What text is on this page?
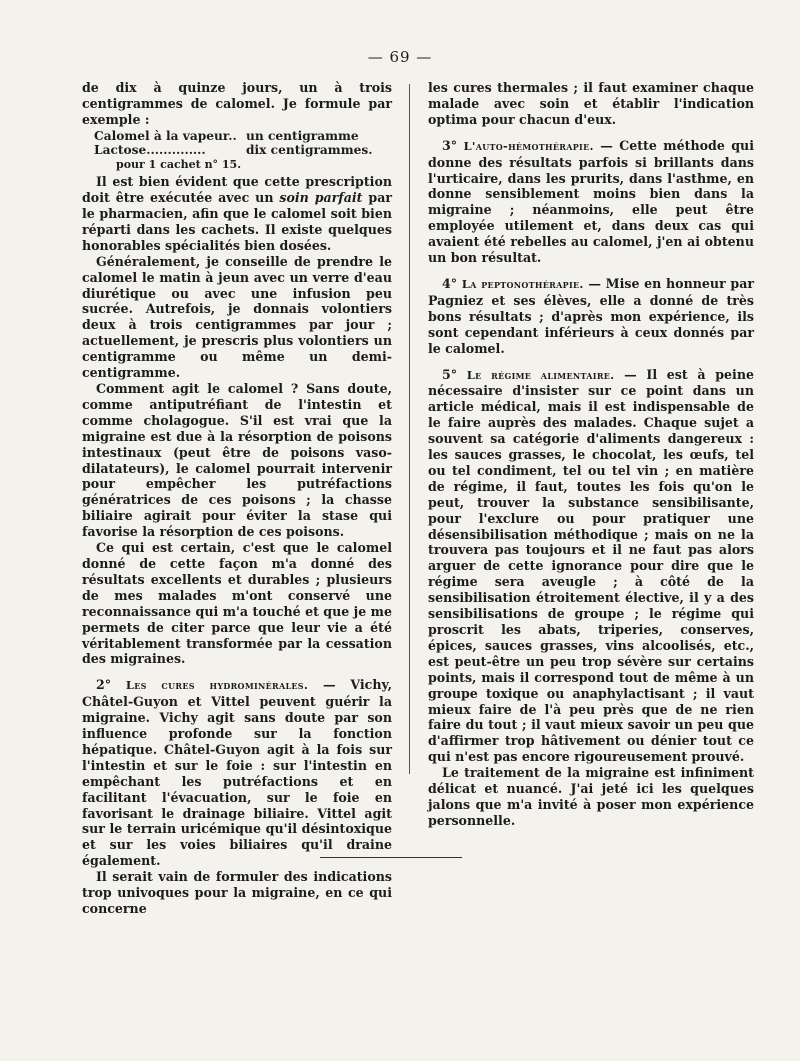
— 69 —

de dix à quinze jours, un à trois centigrammes de calomel. Je formule par exemple :

Calomel à la vapeur.. un centigramme
Lactose..............	dix centigrammes.
pour 1 cachet n° 15.

Il est bien évident que cette prescription doit être exécutée avec un soin parfait par le pharmacien, afin que le calomel soit bien réparti dans les cachets. Il existe quelques honorables spécialités bien dosées.

Généralement, je conseille de prendre le calomel le matin à jeun avec un verre d'eau diurétique ou avec une infusion peu sucrée. Autrefois, je donnais volontiers deux à trois centigrammes par jour ; actuellement, je prescris plus volontiers un centigramme ou même un demi-centigramme.

Comment agit le calomel ? Sans doute, comme antiputréfiant de l'intestin et comme cholagogue. S'il est vrai que la migraine est due à la résorption de poisons intestinaux (peut être de poisons vaso-dilatateurs), le calomel pourrait intervenir pour empêcher les putréfactions génératrices de ces poisons ; la chasse biliaire agirait pour éviter la stase qui favorise la résorption de ces poisons.

Ce qui est certain, c'est que le calomel donné de cette façon m'a donné des résultats excellents et durables ; plusieurs de mes malades m'ont conservé une reconnaissance qui m'a touché et que je me permets de citer parce que leur vie a été véritablement transformée par la cessation des migraines.

2° Les cures hydrominérales. — Vichy, Châtel-Guyon et Vittel peuvent guérir la migraine. Vichy agit sans doute par son influence profonde sur la fonction hépatique. Châtel-Guyon agit à la fois sur l'intestin et sur le foie : sur l'intestin en empêchant les putréfactions et en facilitant l'évacuation, sur le foie en favorisant le drainage biliaire. Vittel agit sur le terrain uricémique qu'il désintoxique et sur les voies biliaires qu'il draine également.

Il serait vain de formuler des indications trop univoques pour la migraine, en ce qui concerne

les cures thermales ; il faut examiner chaque malade avec soin et établir l'indication optima pour chacun d'eux.

3° L'auto-hémothérapie. — Cette méthode qui donne des résultats parfois si brillants dans l'urticaire, dans les prurits, dans l'asthme, en donne sensiblement moins bien dans la migraine ; néanmoins, elle peut être employée utilement et, dans deux cas qui avaient été rebelles au calomel, j'en ai obtenu un bon résultat.

4° La peptonothérapie. — Mise en honneur par Pagniez et ses élèves, elle a donné de très bons résultats ; d'après mon expérience, ils sont cependant inférieurs à ceux donnés par le calomel.

5° Le régime alimentaire. — Il est à peine nécessaire d'insister sur ce point dans un article médical, mais il est indispensable de le faire auprès des malades. Chaque sujet a souvent sa catégorie d'aliments dangereux : les sauces grasses, le chocolat, les œufs, tel ou tel condiment, tel ou tel vin ; en matière de régime, il faut, toutes les fois qu'on le peut, trouver la substance sensibilisante, pour l'exclure ou pour pratiquer une désensibilisation méthodique ; mais on ne la trouvera pas toujours et il ne faut pas alors arguer de cette ignorance pour dire que le régime sera aveugle ; à côté de la sensibilisation étroitement élective, il y a des sensibilisations de groupe ; le régime qui proscrit les abats, triperies, conserves, épices, sauces grasses, vins alcoolisés, etc., est peut-être un peu trop sévère sur certains points, mais il correspond tout de même à un groupe toxique ou anaphylactisant ; il vaut mieux faire de l'à peu près que de ne rien faire du tout ; il vaut mieux savoir un peu que d'affirmer trop hâtivement ou dénier tout ce qui n'est pas encore rigoureusement prouvé.

Le traitement de la migraine est infiniment délicat et nuancé. J'ai jeté ici les quelques jalons que m'a invité à poser mon expérience personnelle.
